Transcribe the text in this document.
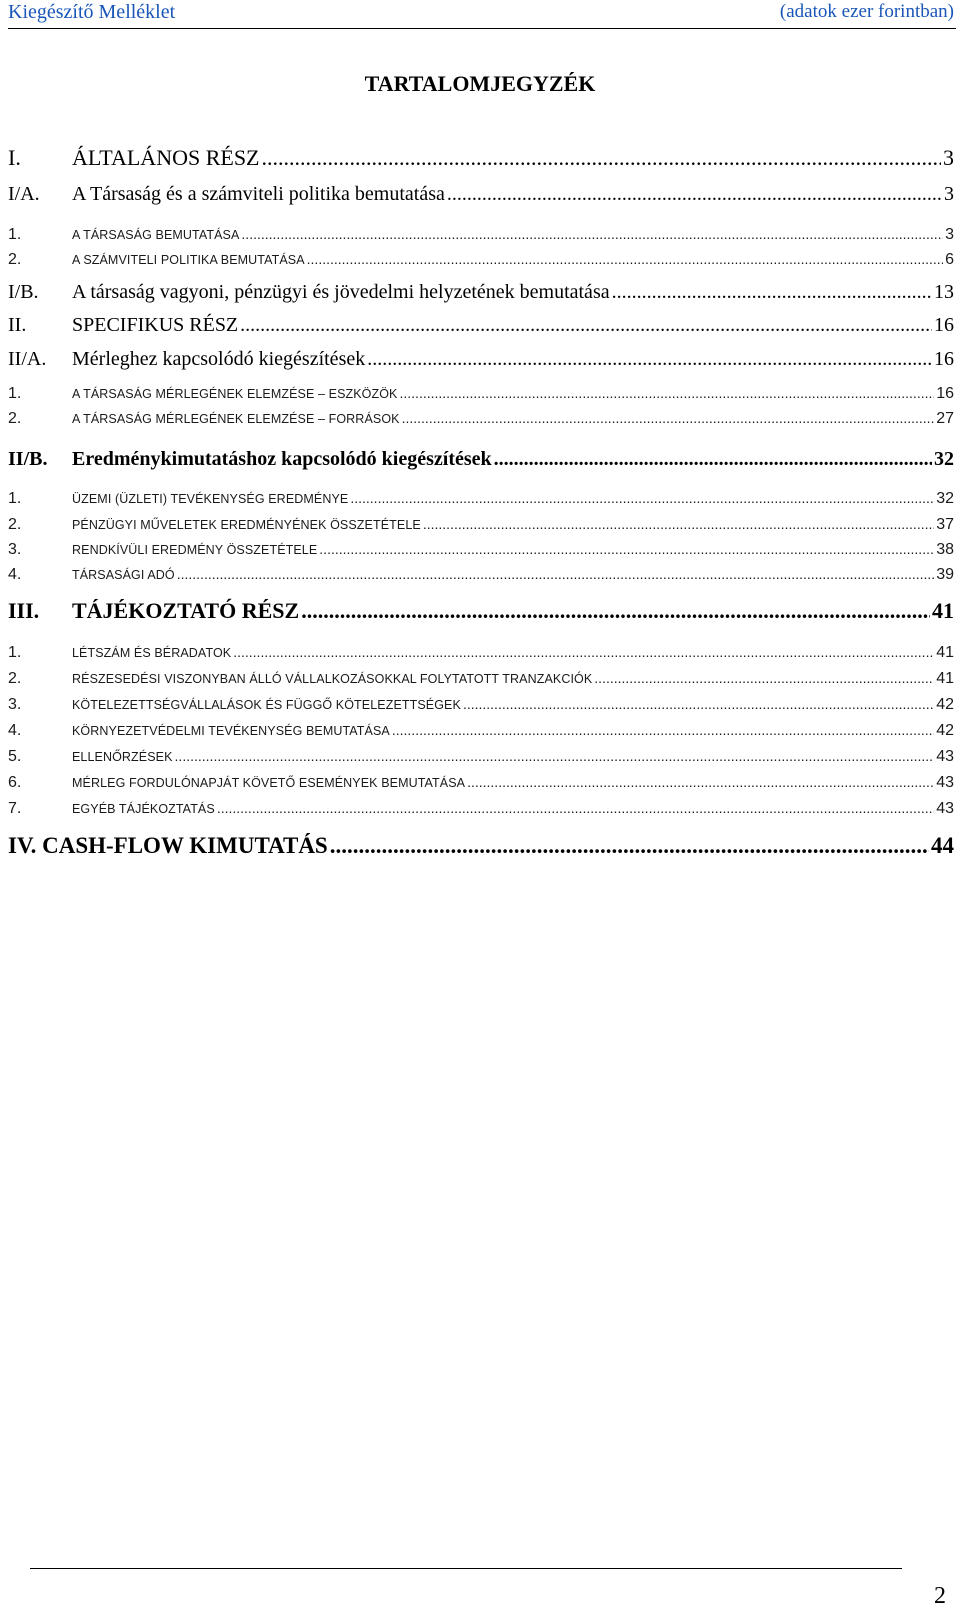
Kiegészítő Melléklet	(adatok ezer forintban)
TARTALOMJEGYZÉK
I.	ÁLTALÁNOS RÉSZ .....	3
I/A.	A Társaság és a számviteli politika bemutatása .....	3
1.	A TÁRSASÁG BEMUTATÁSA .....	3
2.	A SZÁMVITELI POLITIKA BEMUTATÁSA .....	6
I/B.	A társaság vagyoni, pénzügyi és jövedelmi helyzetének bemutatása .....	13
II.	SPECIFIKUS RÉSZ .....	16
II/A.	Mérleghez kapcsolódó kiegészítések .....	16
1.	A TÁRSASÁG MÉRLEGÉNEK ELEMZÉSE – ESZKÖZÖK .....	16
2.	A TÁRSASÁG MÉRLEGÉNEK ELEMZÉSE – FORRÁSOK .....	27
II/B.	Eredménykimutatáshoz kapcsolódó kiegészítések .....	32
1.	ÜZEMI (ÜZLETI) TEVÉKENYSÉG EREDMÉNYE .....	32
2.	PÉNZÜGYI MŰVELETEK EREDMÉNYÉNEK ÖSSZETÉTELE .....	37
3.	RENDKÍVÜLI EREDMÉNY ÖSSZETÉTELE .....	38
4.	TÁRSASÁGI ADÓ .....	39
III.	TÁJÉKOZTATÓ RÉSZ .....	41
1.	LÉTSZÁM ÉS BÉRADATOK .....	41
2.	RÉSZESEDÉSI VISZONYBAN ÁLLÓ VÁLLALKOZÁSOKKAL FOLYTATOTT TRANZAKCIÓK .....	41
3.	KÖTELEZETTSÉGVÁLLALÁSOK ÉS FÜGGŐ KÖTELEZETTSÉGEK .....	42
4.	KÖRNYEZETVÉDELMI TEVÉKENYSÉG BEMUTATÁSA .....	42
5.	ELLENŐRZÉSEK .....	43
6.	MÉRLEG FORDULÓNAPJÁT KÖVETŐ ESEMÉNYEK BEMUTATÁSA .....	43
7.	EGYÉB TÁJÉKOZTATÁS .....	43
IV. CASH-FLOW KIMUTATÁS .....	44
2
